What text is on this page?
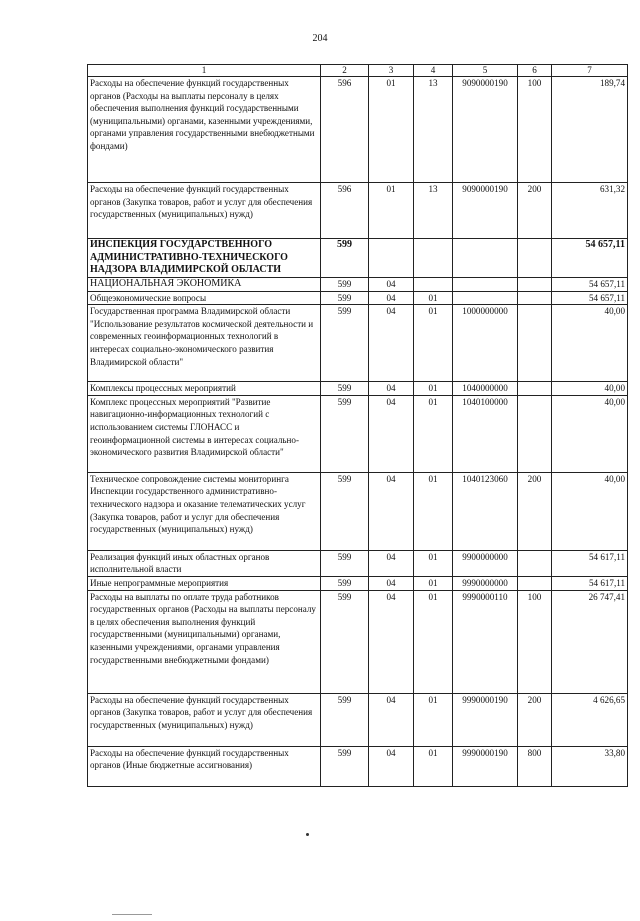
204
1	2	3	4	5	6	7
Расходы на обеспечение функций государственных органов (Расходы на выплаты персоналу в целях обеспечения выполнения функций государственными (муниципальными) органами, казенными учреждениями, органами управления государственными внебюджетными фондами)	596	01	13	9090000190	100	189,74
Расходы на обеспечение функций государственных органов (Закупка товаров, работ и услуг для обеспечения государственных (муниципальных) нужд)	596	01	13	9090000190	200	631,32
ИНСПЕКЦИЯ ГОСУДАРСТВЕННОГО АДМИНИСТРАТИВНО-ТЕХНИЧЕСКОГО НАДЗОРА ВЛАДИМИРСКОЙ ОБЛАСТИ	599					54 657,11
НАЦИОНАЛЬНАЯ ЭКОНОМИКА	599	04				54 657,11
Общеэкономические вопросы	599	04	01			54 657,11
Государственная программа Владимирской области "Использование результатов космической деятельности и современных геоинформационных технологий в интересах социально-экономического развития Владимирской области"	599	04	01	1000000000		40,00
Комплексы процессных мероприятий	599	04	01	1040000000		40,00
Комплекс процессных мероприятий "Развитие навигационно-информационных технологий с использованием системы ГЛОНАСС и геоинформационной системы в интересах социально-экономического развития Владимирской области"	599	04	01	1040100000		40,00
Техническое сопровождение системы мониторинга Инспекции государственного административно-технического надзора и оказание телематических услуг (Закупка товаров, работ и услуг для обеспечения государственных (муниципальных) нужд)	599	04	01	1040123060	200	40,00
Реализация функций иных областных органов исполнительной власти	599	04	01	9900000000		54 617,11
Иные непрограммные мероприятия	599	04	01	9990000000		54 617,11
Расходы на выплаты по оплате труда работников государственных органов (Расходы на выплаты персоналу в целях обеспечения выполнения функций государственными (муниципальными) органами, казенными учреждениями, органами управления государственными внебюджетными фондами)	599	04	01	9990000110	100	26 747,41
Расходы на обеспечение функций государственных органов (Закупка товаров, работ и услуг для обеспечения государственных (муниципальных) нужд)	599	04	01	9990000190	200	4 626,65
Расходы на обеспечение функций государственных органов (Иные бюджетные ассигнования)	599	04	01	9990000190	800	33,80
